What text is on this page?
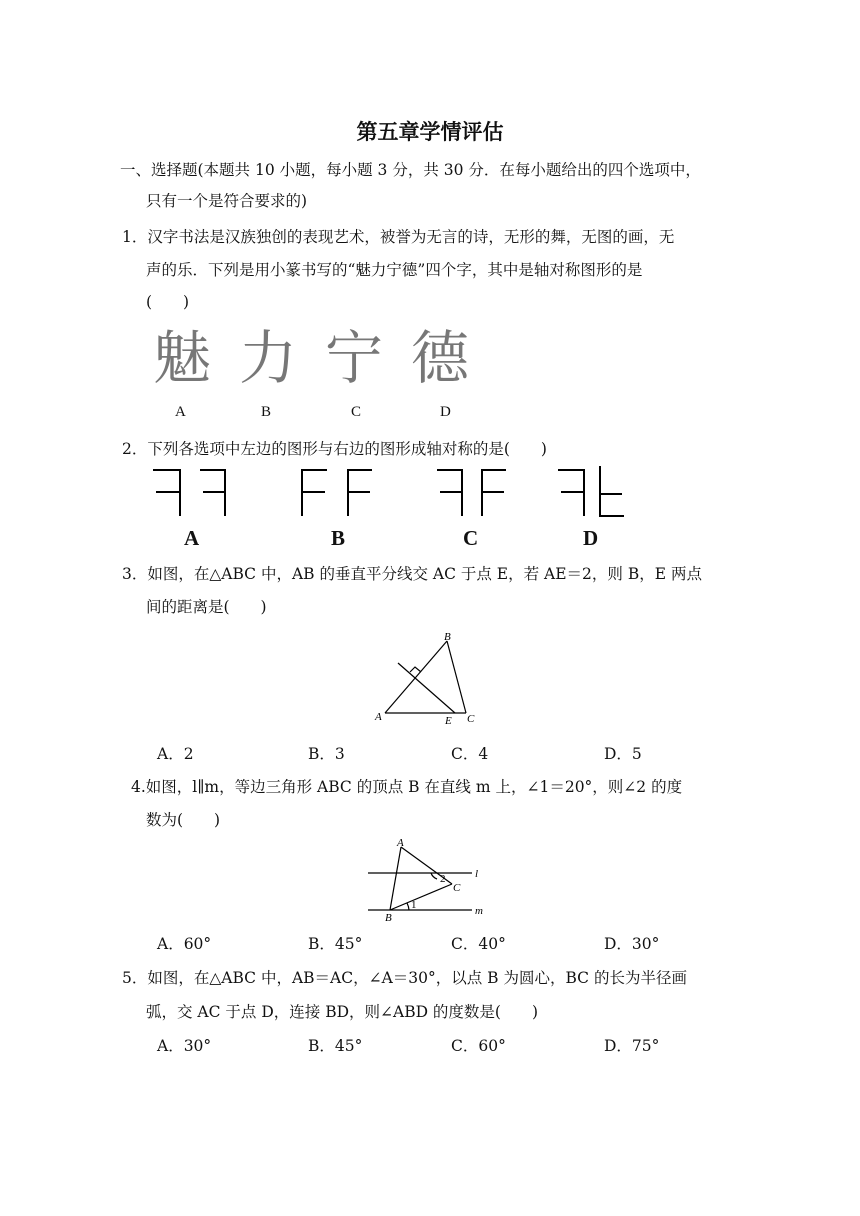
第五章学情评估
一、选择题(本题共 10 小题，每小题 3 分，共 30 分．在每小题给出的四个选项中，
只有一个是符合要求的)
1．汉字书法是汉族独创的表现艺术，被誉为无言的诗，无形的舞，无图的画，无
声的乐．下列是用小篆书写的“魅力宁德”四个字，其中是轴对称图形的是
(　　)
魅 力 宁 德
A	B	C	D
2．下列各选项中左边的图形与右边的图形成轴对称的是(　　)
A	B	C	D
3．如图，在△ABC 中，AB 的垂直平分线交 AC 于点 E，若 AE＝2，则 B，E 两点
间的距离是(　　)
B
A	E C
A．2	B．3	C．4	D．5
4.如图，l∥m，等边三角形 ABC 的顶点 B 在直线 m 上，∠1＝20°，则∠2 的度
数为(　　)
A
B
C
1
2	l
m
A．60°	B．45°	C．40°	D．30°
5．如图，在△ABC 中，AB＝AC，∠A＝30°，以点 B 为圆心，BC 的长为半径画
弧，交 AC 于点 D，连接 BD，则∠ABD 的度数是(　　)
A．30°	B．45°	C．60°	D．75°
